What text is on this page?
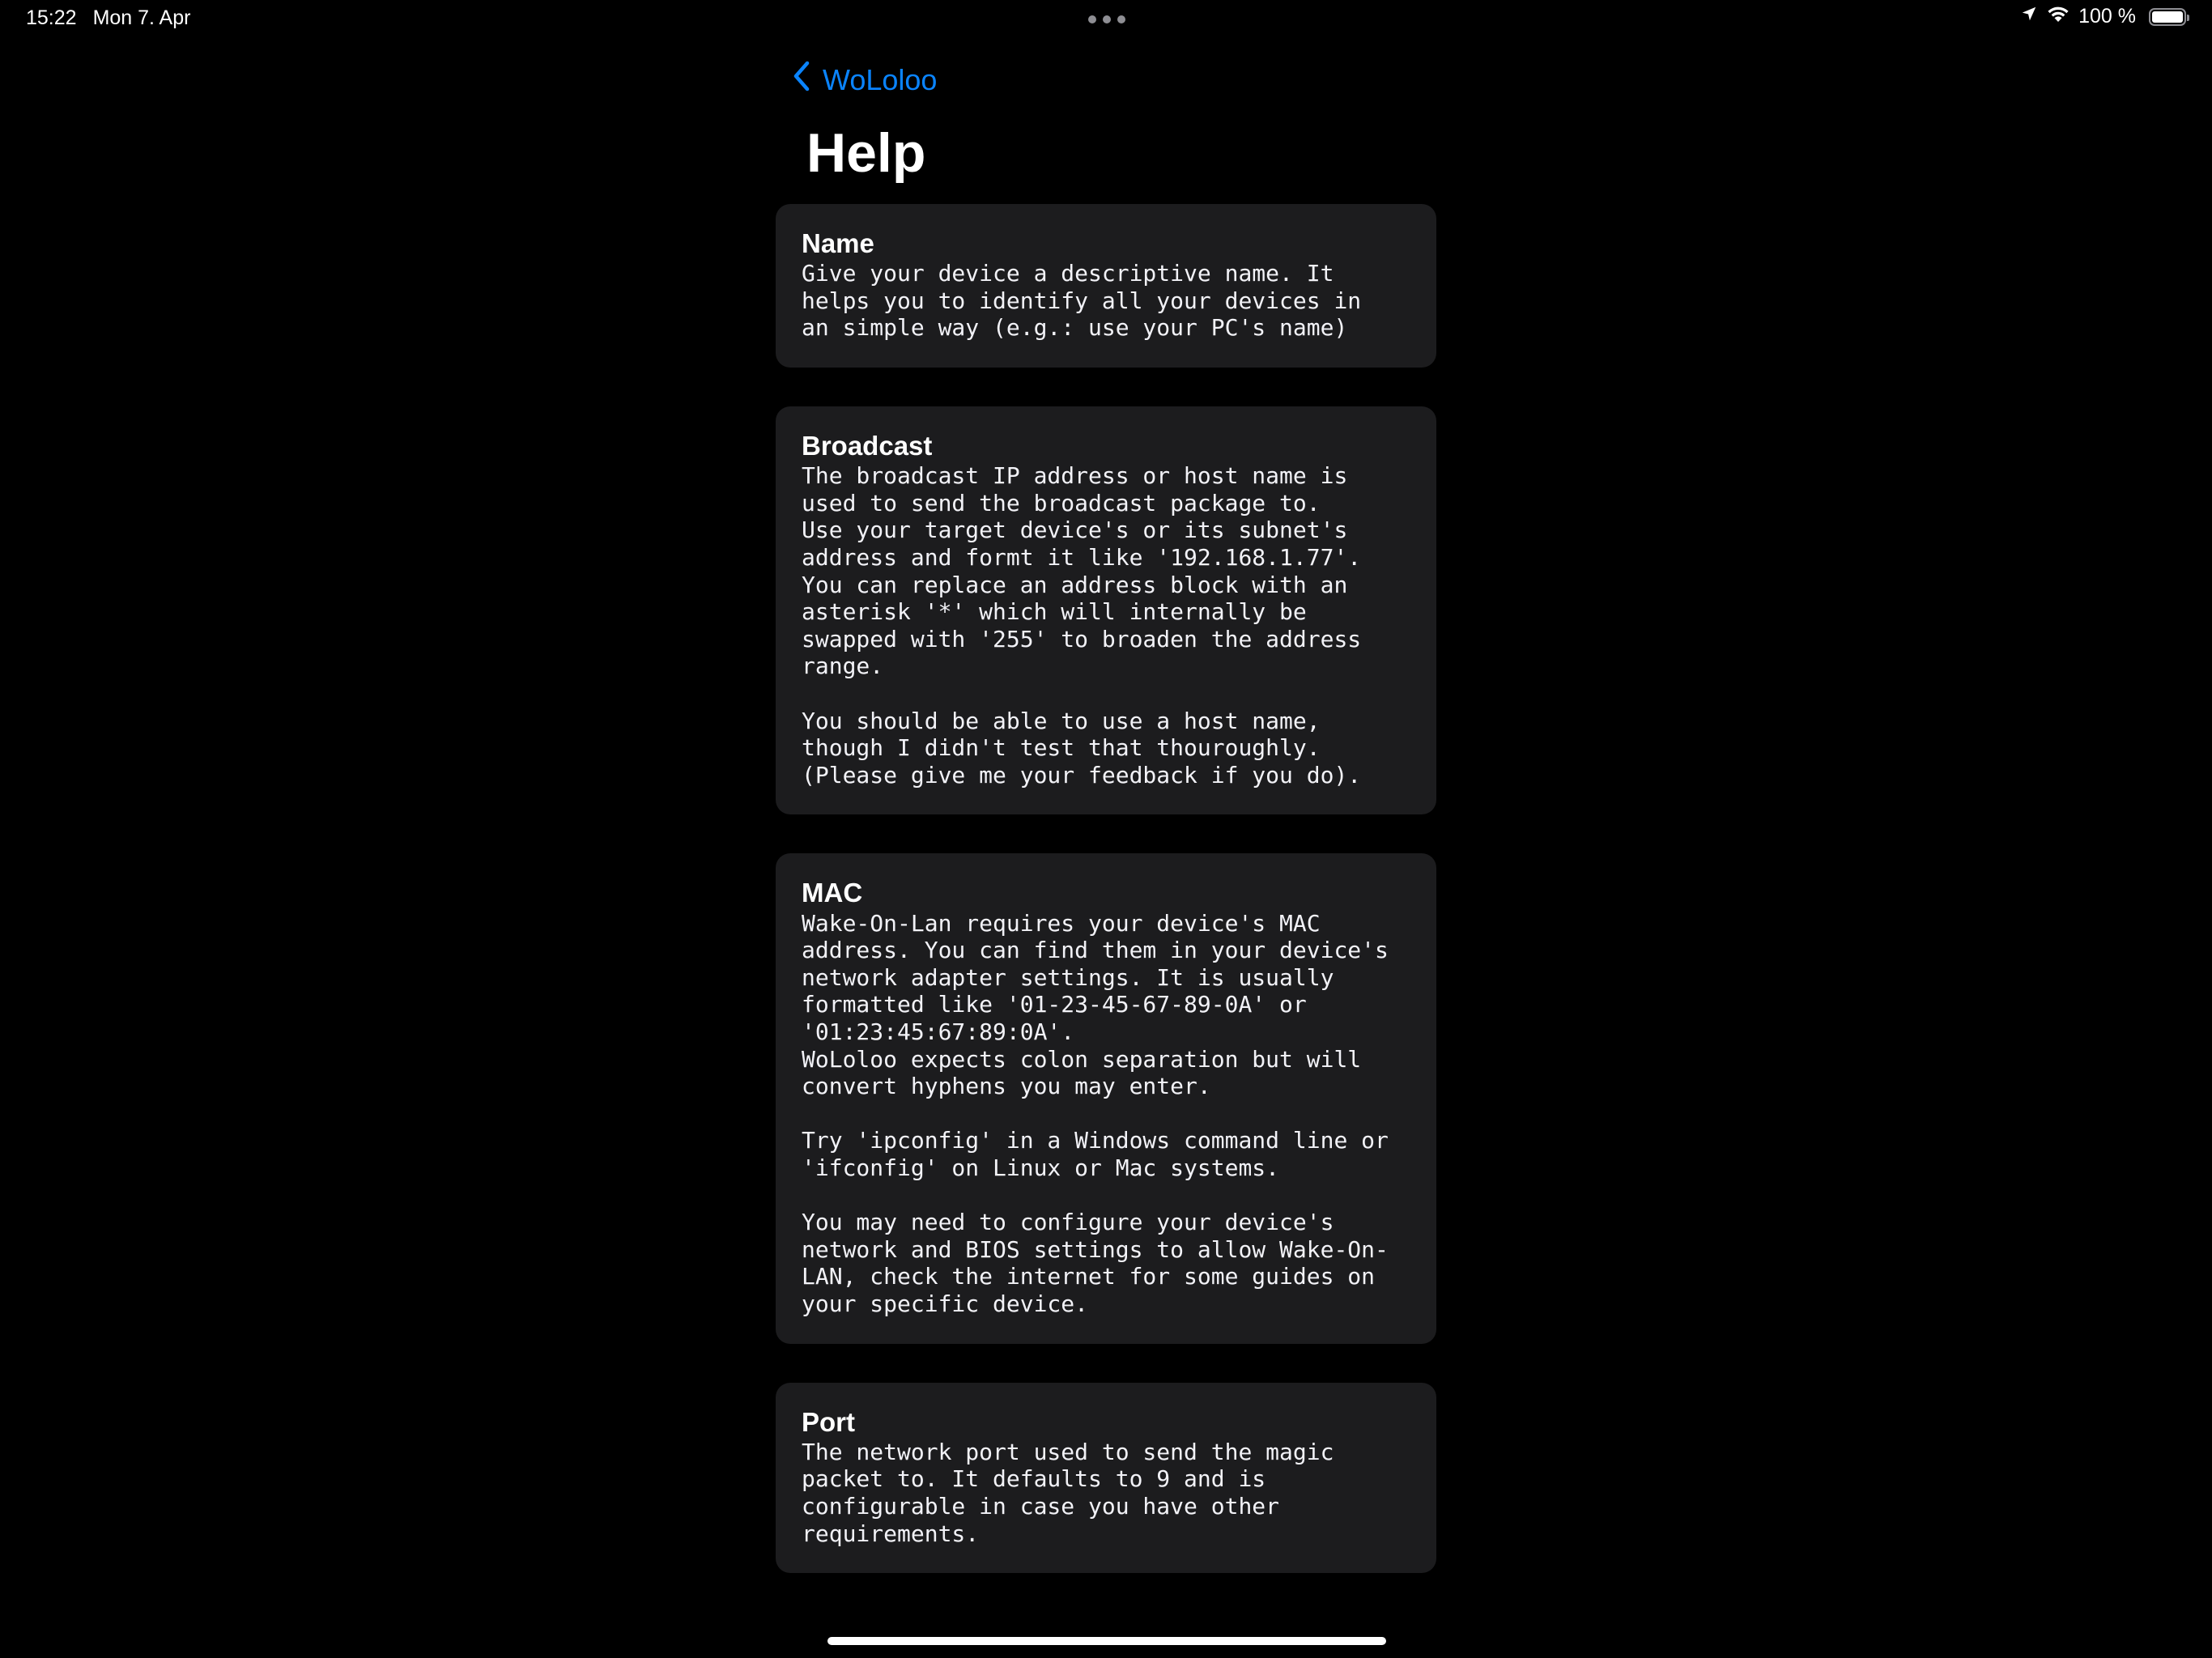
15:22 Mon 7. Apr	100 %
WoLoloo
Help
Name
Give your device a descriptive name. It
helps you to identify all your devices in
an simple way (e.g.: use your PC's name)
Broadcast
The broadcast IP address or host name is
used to send the broadcast package to.
Use your target device's or its subnet's
address and formt it like '192.168.1.77'.
You can replace an address block with an
asterisk '*' which will internally be
swapped with '255' to broaden the address
range.

You should be able to use a host name,
though I didn't test that thouroughly.
(Please give me your feedback if you do).
MAC
Wake-On-Lan requires your device's MAC
address. You can find them in your device's
network adapter settings. It is usually
formatted like '01-23-45-67-89-0A' or
'01:23:45:67:89:0A'.
WoLoloo expects colon separation but will
convert hyphens you may enter.

Try 'ipconfig' in a Windows command line or
'ifconfig' on Linux or Mac systems.

You may need to configure your device's
network and BIOS settings to allow Wake-On-
LAN, check the internet for some guides on
your specific device.
Port
The network port used to send the magic
packet to. It defaults to 9 and is
configurable in case you have other
requirements.
